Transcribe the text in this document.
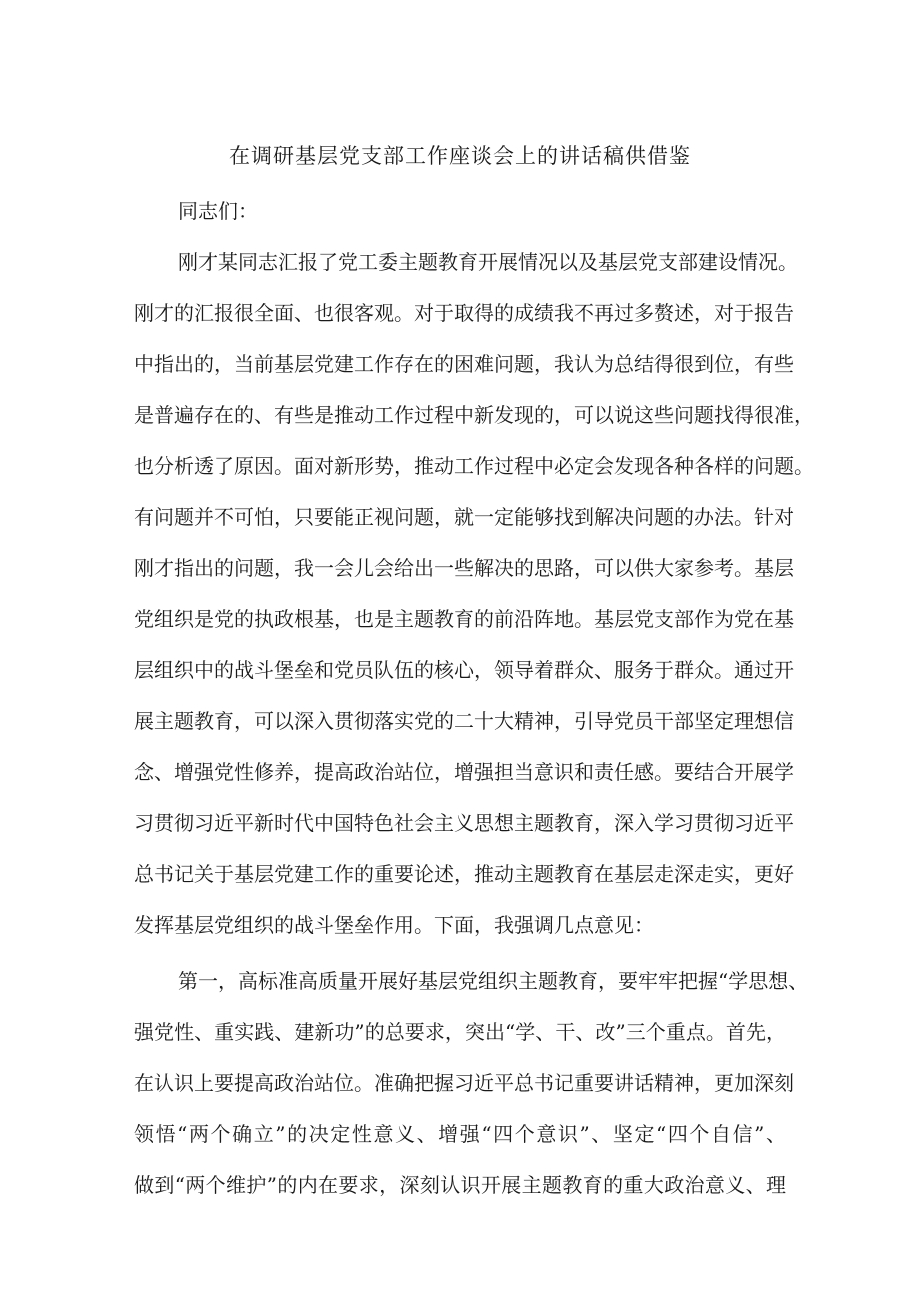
在调研基层党支部工作座谈会上的讲话稿供借鉴
同志们：
刚才某同志汇报了党工委主题教育开展情况以及基层党支部建设情况。
刚才的汇报很全面、也很客观。对于取得的成绩我不再过多赘述，对于报告
中指出的，当前基层党建工作存在的困难问题，我认为总结得很到位，有些
是普遍存在的、有些是推动工作过程中新发现的，可以说这些问题找得很准，
也分析透了原因。面对新形势，推动工作过程中必定会发现各种各样的问题。
有问题并不可怕，只要能正视问题，就一定能够找到解决问题的办法。针对
刚才指出的问题，我一会儿会给出一些解决的思路，可以供大家参考。基层
党组织是党的执政根基，也是主题教育的前沿阵地。基层党支部作为党在基
层组织中的战斗堡垒和党员队伍的核心，领导着群众、服务于群众。通过开
展主题教育，可以深入贯彻落实党的二十大精神，引导党员干部坚定理想信
念、增强党性修养，提高政治站位，增强担当意识和责任感。要结合开展学
习贯彻习近平新时代中国特色社会主义思想主题教育，深入学习贯彻习近平
总书记关于基层党建工作的重要论述，推动主题教育在基层走深走实，更好
发挥基层党组织的战斗堡垒作用。下面，我强调几点意见：
第一，高标准高质量开展好基层党组织主题教育，要牢牢把握“学思想、
强党性、重实践、建新功”的总要求，突出“学、干、改”三个重点。首先，
在认识上要提高政治站位。准确把握习近平总书记重要讲话精神，更加深刻
领悟“两个确立”的决定性意义、增强“四个意识”、坚定“四个自信”、
做到“两个维护”的内在要求，深刻认识开展主题教育的重大政治意义、理
